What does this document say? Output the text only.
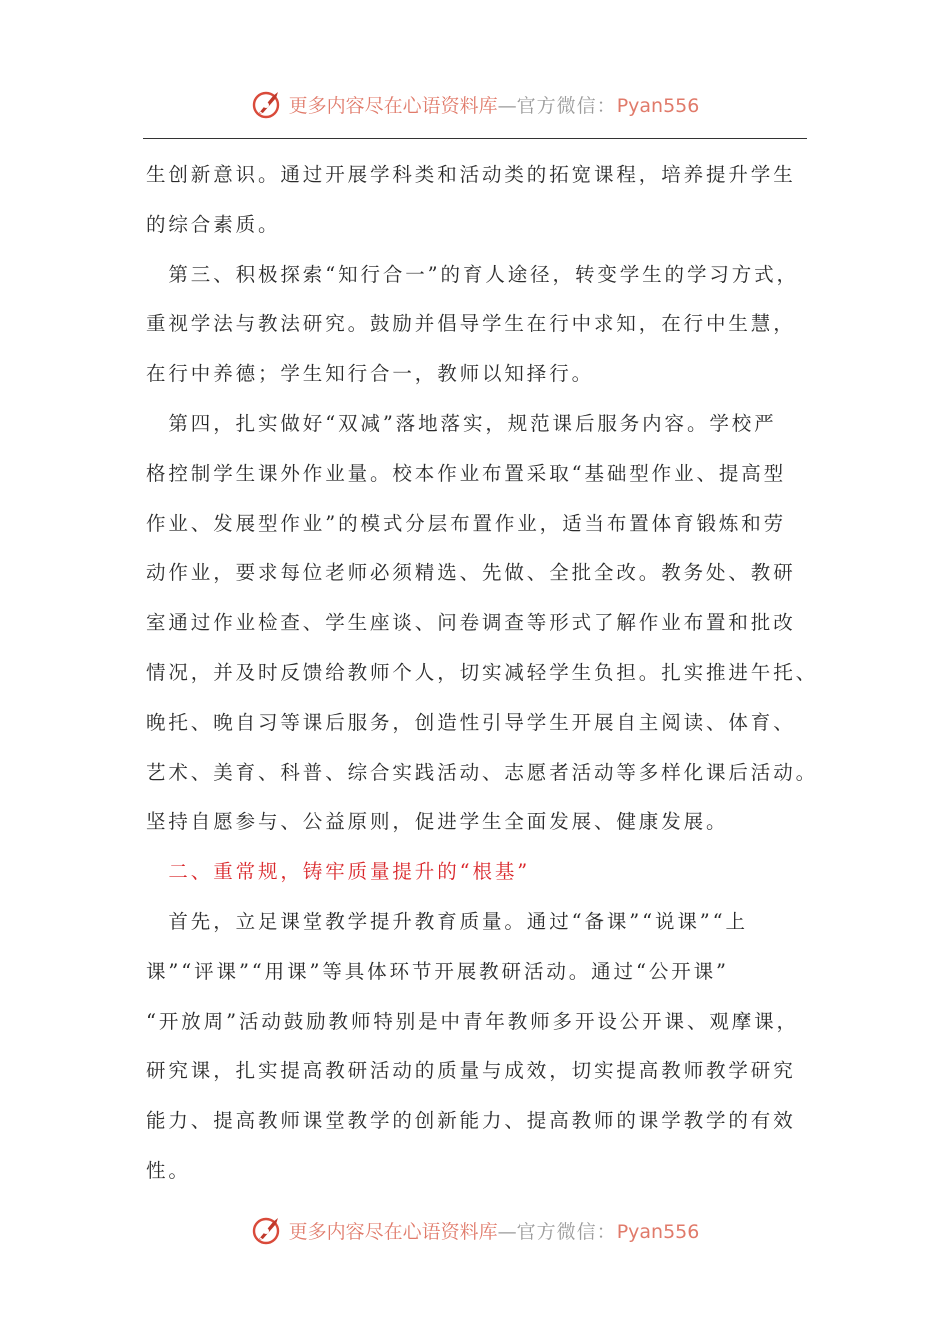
更多内容尽在心语资料库—官方微信：Pyan556
生创新意识。通过开展学科类和活动类的拓宽课程，培养提升学生
的综合素质。
　第三、积极探索“知行合一”的育人途径，转变学生的学习方式，
重视学法与教法研究。鼓励并倡导学生在行中求知，在行中生慧，
在行中养德；学生知行合一，教师以知择行。
　第四，扎实做好“双减”落地落实，规范课后服务内容。学校严
格控制学生课外作业量。校本作业布置采取“基础型作业、提高型
作业、发展型作业”的模式分层布置作业，适当布置体育锻炼和劳
动作业，要求每位老师必须精选、先做、全批全改。教务处、教研
室通过作业检查、学生座谈、问卷调查等形式了解作业布置和批改
情况，并及时反馈给教师个人，切实减轻学生负担。扎实推进午托、
晚托、晚自习等课后服务，创造性引导学生开展自主阅读、体育、
艺术、美育、科普、综合实践活动、志愿者活动等多样化课后活动。
坚持自愿参与、公益原则，促进学生全面发展、健康发展。
　二、重常规，铸牢质量提升的“根基”
　首先，立足课堂教学提升教育质量。通过“备课”“说课”“上
课”“评课”“用课”等具体环节开展教研活动。通过“公开课”
“开放周”活动鼓励教师特别是中青年教师多开设公开课、观摩课，
研究课，扎实提高教研活动的质量与成效，切实提高教师教学研究
能力、提高教师课堂教学的创新能力、提高教师的课学教学的有效
性。
更多内容尽在心语资料库—官方微信：Pyan556
